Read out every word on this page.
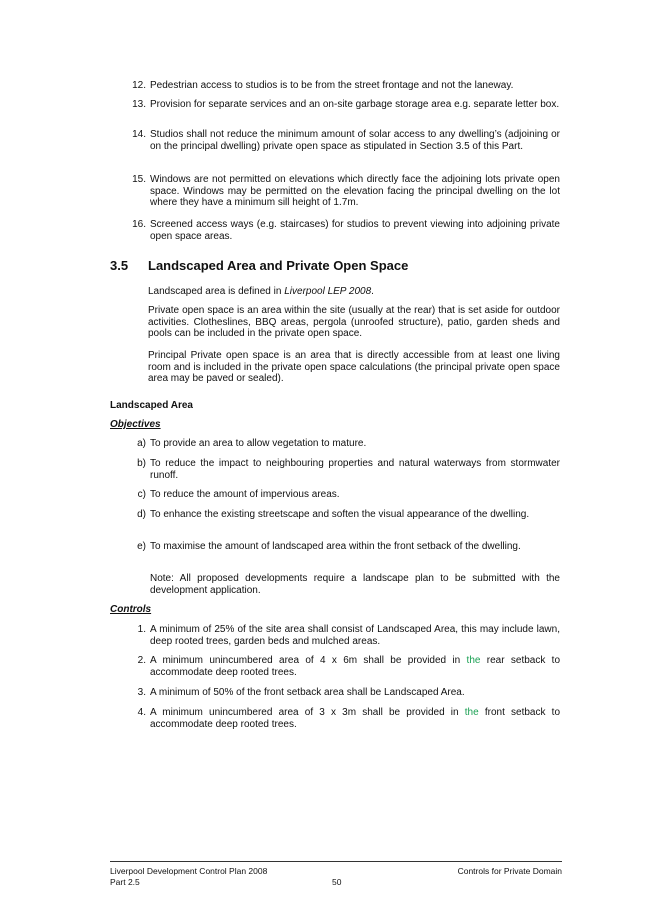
12. Pedestrian access to studios is to be from the street frontage and not the laneway.
13. Provision for separate services and an on-site garbage storage area e.g. separate letter box.
14. Studios shall not reduce the minimum amount of solar access to any dwelling’s (adjoining or on the principal dwelling) private open space as stipulated in Section 3.5 of this Part.
15. Windows are not permitted on elevations which directly face the adjoining lots private open space. Windows may be permitted on the elevation facing the principal dwelling on the lot where they have a minimum sill height of 1.7m.
16. Screened access ways (e.g. staircases) for studios to prevent viewing into adjoining private open space areas.
3.5 Landscaped Area and Private Open Space
Landscaped area is defined in Liverpool LEP 2008.
Private open space is an area within the site (usually at the rear) that is set aside for outdoor activities. Clotheslines, BBQ areas, pergola (unroofed structure), patio, garden sheds and pools can be included in the private open space.
Principal Private open space is an area that is directly accessible from at least one living room and is included in the private open space calculations (the principal private open space area may be paved or sealed).
Landscaped Area
Objectives
a) To provide an area to allow vegetation to mature.
b) To reduce the impact to neighbouring properties and natural waterways from stormwater runoff.
c) To reduce the amount of impervious areas.
d) To enhance the existing streetscape and soften the visual appearance of the dwelling.
e) To maximise the amount of landscaped area within the front setback of the dwelling.
Note: All proposed developments require a landscape plan to be submitted with the development application.
Controls
1. A minimum of 25% of the site area shall consist of Landscaped Area, this may include lawn, deep rooted trees, garden beds and mulched areas.
2. A minimum unincumbered area of 4 x 6m shall be provided in the rear setback to accommodate deep rooted trees.
3. A minimum of 50% of the front setback area shall be Landscaped Area.
4. A minimum unincumbered area of 3 x 3m shall be provided in the front setback to accommodate deep rooted trees.
Liverpool Development Control Plan 2008
Part 2.5	50
Controls for Private Domain
